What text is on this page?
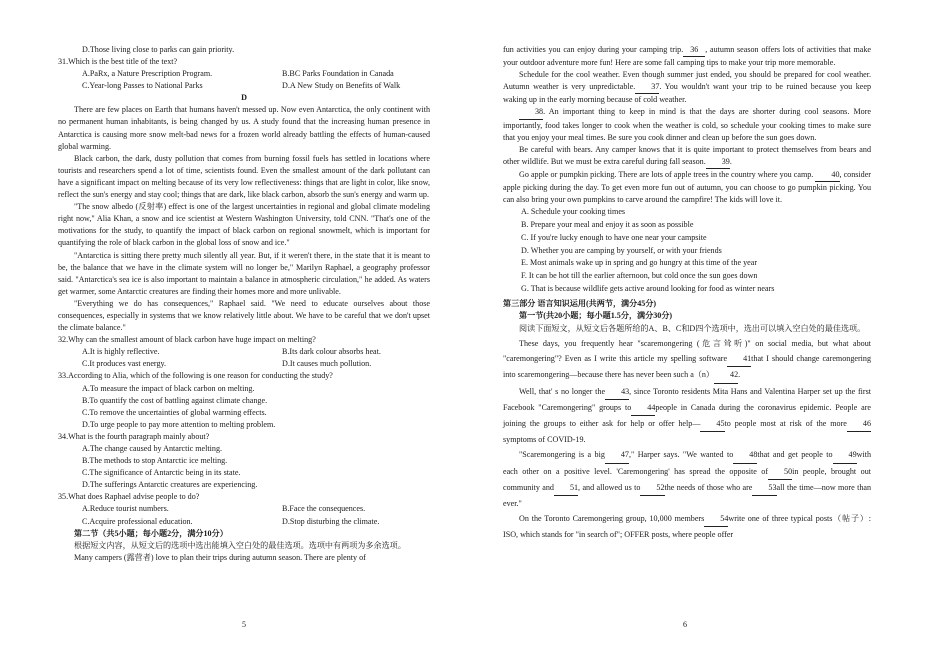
D.Those living close to parks can gain priority.

31.Which is the best title of the text?

A.PaRx, a Nature Prescription Program.	B.BC Parks Foundation in Canada

C.Year-long Passes to National Parks	D.A New Study on Benefits of Walk

D

There are few places on Earth that humans haven't messed up. Now even Antarctica, the only continent with no permanent human inhabitants, is being changed by us. A study found that the increasing human presence in Antarctica is causing more snow melt-bad news for a frozen world already battling the effects of human-caused global warming.

Black carbon, the dark, dusty pollution that comes from burning fossil fuels has settled in locations where tourists and researchers spend a lot of time, scientists found. Even the smallest amount of the dark pollutant can have a significant impact on melting because of its very low reflectiveness: things that are light in color, like snow, reflect the sun's energy and stay cool; things that are dark, like black carbon, absorb the sun's energy and warm up.

"The snow albedo (反射率) effect is one of the largest uncertainties in regional and global climate modeling right now," Alia Khan, a snow and ice scientist at Western Washington University, told CNN. "That's one of the motivations for the study, to quantify the impact of black carbon on regional snowmelt, which is important for quantifying the role of black carbon in the global loss of snow and ice."

"Antarctica is sitting there pretty much silently all year. But, if it weren't there, in the state that it is meant to be, the balance that we have in the climate system will no longer be," Marilyn Raphael, a geography professor said. "Antarctica's sea ice is also important to maintain a balance in atmospheric circulation," he added. As waters get warmer, some Antarctic creatures are finding their homes more and more unlivable.

"Everything we do has consequences," Raphael said. "We need to educate ourselves about those consequences, especially in systems that we know relatively little about. We have to be careful that we don't upset the climate balance."

32.Why can the smallest amount of black carbon have huge impact on melting?

A.It is highly reflective.	B.Its dark colour absorbs heat.

C.It produces vast energy.	D.It causes much pollution.

33.According to Alia, which of the following is one reason for conducting the study?

A.To measure the impact of black carbon on melting.

B.To quantify the cost of battling against climate change.

C.To remove the uncertainties of global warming effects.

D.To urge people to pay more attention to melting problem.

34.What is the fourth paragraph mainly about?

A.The change caused by Antarctic melting.

B.The methods to stop Antarctic ice melting.

C.The significance of Antarctic being in its state.

D.The sufferings Antarctic creatures are experiencing.

35.What does Raphael advise people to do?

A.Reduce tourist numbers.	B.Face the consequences.

C.Acquire professional education.	D.Stop disturbing the climate.

第二节（共5小题；每小题2分，满分10分）

根据短文内容，从短文后的选项中选出能填入空白处的最佳选项。选项中有两项为多余选项。

Many campers (露营者) love to plan their trips during autumn season. There are plenty of

5

fun activities you can enjoy during your camping trip. 36 , autumn season offers lots of activities that make your outdoor adventure more fun! Here are some fall camping tips to make your trip more memorable.

Schedule for the cool weather. Even though summer just ended, you should be prepared for cool weather. Autumn weather is very unpredictable. 37. You wouldn't want your trip to be ruined because you keep waking up in the early morning because of cold weather.

38. An important thing to keep in mind is that the days are shorter during cool seasons. More importantly, food takes longer to cook when the weather is cold, so schedule your cooking times to make sure that you enjoy your meal times. Be sure you cook dinner and clean up before the sun goes down.

Be careful with bears. Any camper knows that it is quite important to protect themselves from bears and other wildlife. But we must be extra careful during fall season. 39.

Go apple or pumpkin picking. There are lots of apple trees in the country where you camp. 40, consider apple picking during the day. To get even more fun out of autumn, you can choose to go pumpkin picking. You can also bring your own pumpkins to carve around the campfire! The kids will love it.

A. Schedule your cooking times

B. Prepare your meal and enjoy it as soon as possible

C. If you're lucky enough to have one near your campsite

D. Whether you are camping by yourself, or with your friends

E. Most animals wake up in spring and go hungry at this time of the year

F. It can be hot till the earlier afternoon, but cold once the sun goes down

G. That is because wildlife gets active around looking for food as winter nears

第三部分 语言知识运用(共两节，满分45分)

第一节(共20小题；每小题1.5分，满分30分)

阅读下面短文，从短文后各题所给的A、B、C和D四个选项中，选出可以填入空白处的最佳选项。

These days, you frequently hear "scaremongering (危言耸听)" on social media, but what about "caremongering"? Even as I write this article my spelling software 41that I should change caremongering into scaremongering—because there has never been such a（n） 42.

Well, that' s no longer the 43, since Toronto residents Mita Hans and Valentina Harper set up the first Facebook "Caremongering" groups to 44people in Canada during the coronavirus epidemic. People are joining the groups to either ask for help or offer help— 45to people most at risk of the more 46symptoms of COVID-19.

"Scaremongering is a big 47," Harper says. "We wanted to 48that and get people to 49with each other on a positive level. 'Caremongering' has spread the opposite of 50in people, brought out community and 51, and allowed us to 52the needs of those who are 53all the time—now more than ever."

On the Toronto Caremongering group, 10,000 members 54write one of three typical posts（帖子）: ISO, which stands for "in search of"; OFFER posts, where people offer

6
